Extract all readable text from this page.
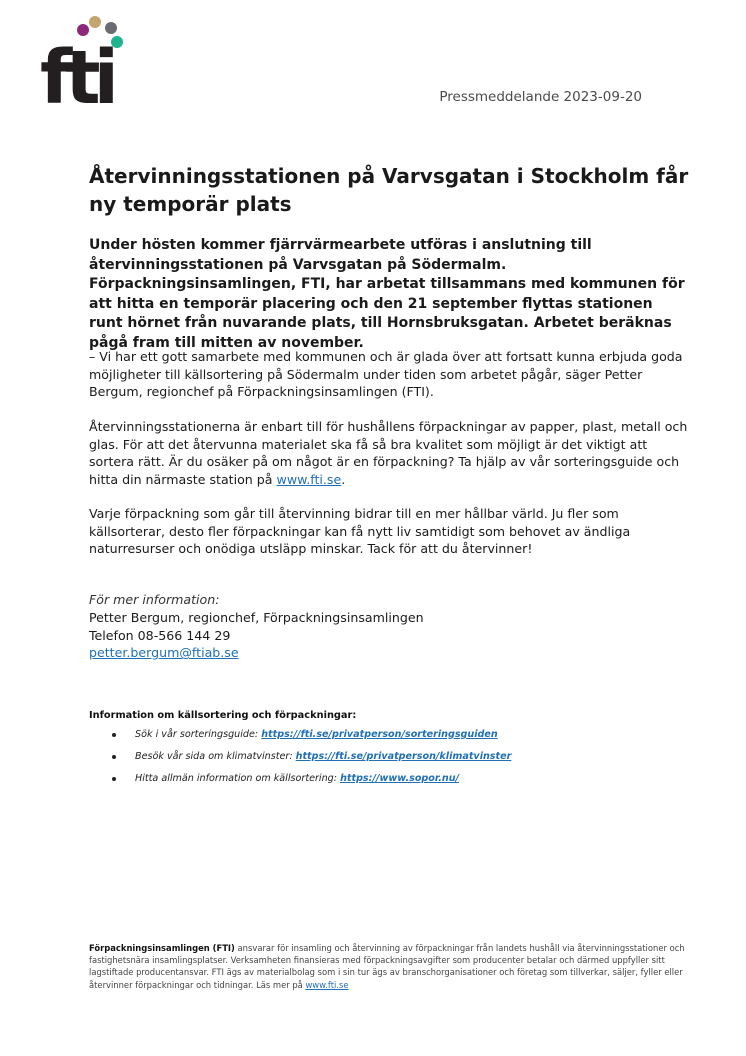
fti	Pressmeddelande 2023-09-20
Återvinningsstationen på Varvsgatan i Stockholm får ny temporär plats

Under hösten kommer fjärrvärmearbete utföras i anslutning till återvinningsstationen på Varvsgatan på Södermalm. Förpackningsinsamlingen, FTI, har arbetat tillsammans med kommunen för att hitta en temporär placering och den 21 september flyttas stationen runt hörnet från nuvarande plats, till Hornsbruksgatan. Arbetet beräknas pågå fram till mitten av november.

– Vi har ett gott samarbete med kommunen och är glada över att fortsatt kunna erbjuda goda möjligheter till källsortering på Södermalm under tiden som arbetet pågår, säger Petter Bergum, regionchef på Förpackningsinsamlingen (FTI).

Återvinningsstationerna är enbart till för hushållens förpackningar av papper, plast, metall och glas. För att det återvunna materialet ska få så bra kvalitet som möjligt är det viktigt att sortera rätt. Är du osäker på om något är en förpackning? Ta hjälp av vår sorteringsguide och hitta din närmaste station på www.fti.se.

Varje förpackning som går till återvinning bidrar till en mer hållbar värld. Ju fler som källsorterar, desto fler förpackningar kan få nytt liv samtidigt som behovet av ändliga naturresurser och onödiga utsläpp minskar. Tack för att du återvinner!

För mer information:
Petter Bergum, regionchef, Förpackningsinsamlingen
Telefon 08-566 144 29
petter.bergum@ftiab.se

Information om källsortering och förpackningar:

Sök i vår sorteringsguide: https://fti.se/privatperson/sorteringsguiden
Besök vår sida om klimatvinster: https://fti.se/privatperson/klimatvinster
Hitta allmän information om källsortering: https://www.sopor.nu/

Förpackningsinsamlingen (FTI) ansvarar för insamling och återvinning av förpackningar från landets hushåll via återvinningsstationer och fastighetsnära insamlingsplatser. Verksamheten finansieras med förpackningsavgifter som producenter betalar och därmed uppfyller sitt lagstiftade producentansvar. FTI ägs av materialbolag som i sin tur ägs av branschorganisationer och företag som tillverkar, säljer, fyller eller återvinner förpackningar och tidningar. Läs mer på www.fti.se
